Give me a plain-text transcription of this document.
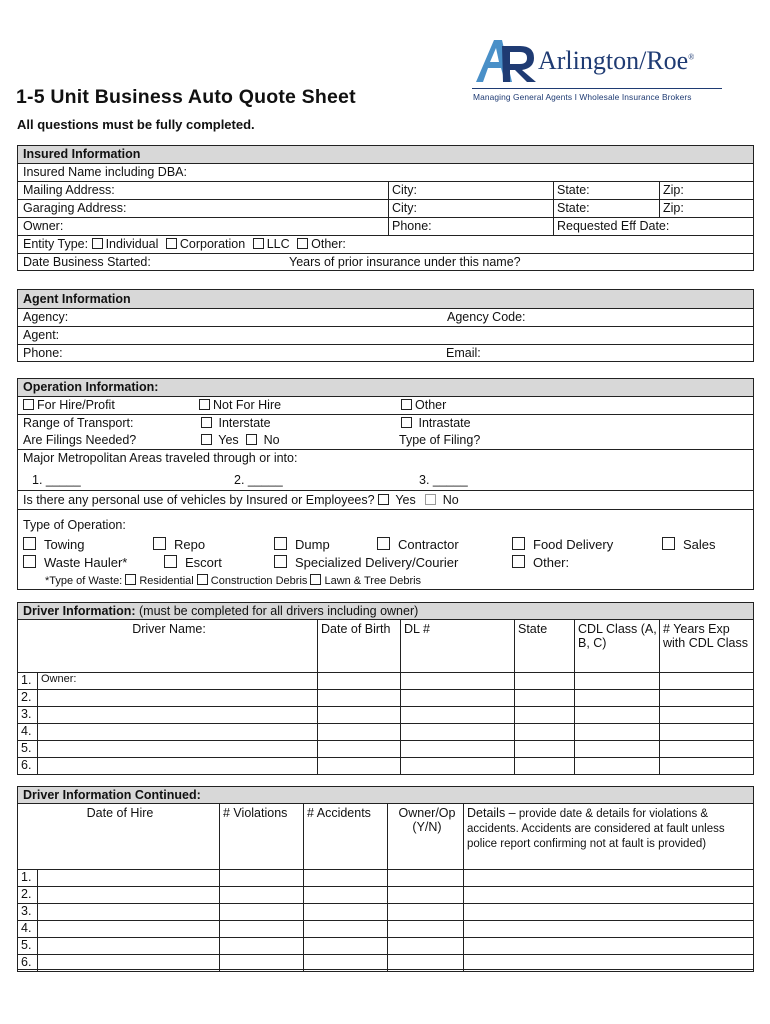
1-5 Unit Business Auto Quote Sheet
All questions must be fully completed.
Arlington/Roe®
Managing General Agents I Wholesale Insurance Brokers
Insured Information
Insured Name including DBA:
Mailing Address:	City:	State:	Zip:
Garaging Address:	City:	State:	Zip:
Owner:	Phone:	Requested Eff Date:
Entity Type: Individual Corporation LLC Other:
Date Business Started:	Years of prior insurance under this name?
Agent Information
Agency:	Agency Code:
Agent:
Phone:	Email:
Operation Information:
For Hire/Profit	Not For Hire	Other
Range of Transport:	Interstate	Intrastate
Are Filings Needed?	Yes No	Type of Filing?
Major Metropolitan Areas traveled through or into:
1. _____	2. _____	3. _____
Is there any personal use of vehicles by Insured or Employees? Yes No
Type of Operation:
Towing	Repo	Dump	Contractor	Food Delivery	Sales
Waste Hauler*	Escort	Specialized Delivery/Courier	Other:
*Type of Waste: Residential Construction Debris Lawn & Tree Debris
Driver Information: (must be completed for all drivers including owner)
Driver Name:		Date of Birth	DL #	State	CDL Class (A, B, C)	# Years Exp with CDL Class
1.	Owner:					
2.						
3.						
4.						
5.						
6.						
Driver Information Continued:
Date of Hire		# Violations	# Accidents	Owner/Op (Y/N)	Details – provide date & details for violations & accidents. Accidents are considered at fault unless police report confirming not at fault is provided)
1.					
2.					
3.					
4.					
5.					
6.					
